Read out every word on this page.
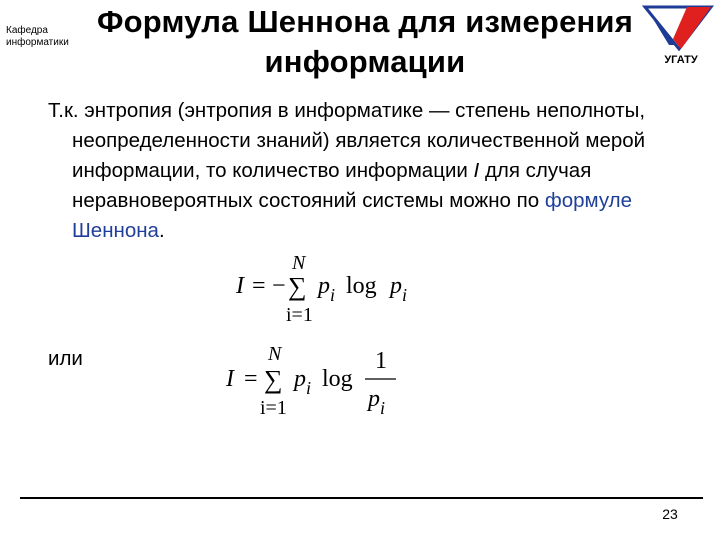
Кафедра
информатики
Формула Шеннона для измерения
информации	УГАТУ
Т.к. энтропия (энтропия в информатике — степень неполноты, неопределенности знаний) является количественной мерой информации, то количество информации I для случая неравновероятных состояний системы можно по формуле Шеннона.
I = −
N
∑
i=1
p i log p i
или
I =
N
∑
i=1
p i log
1
p i
23
